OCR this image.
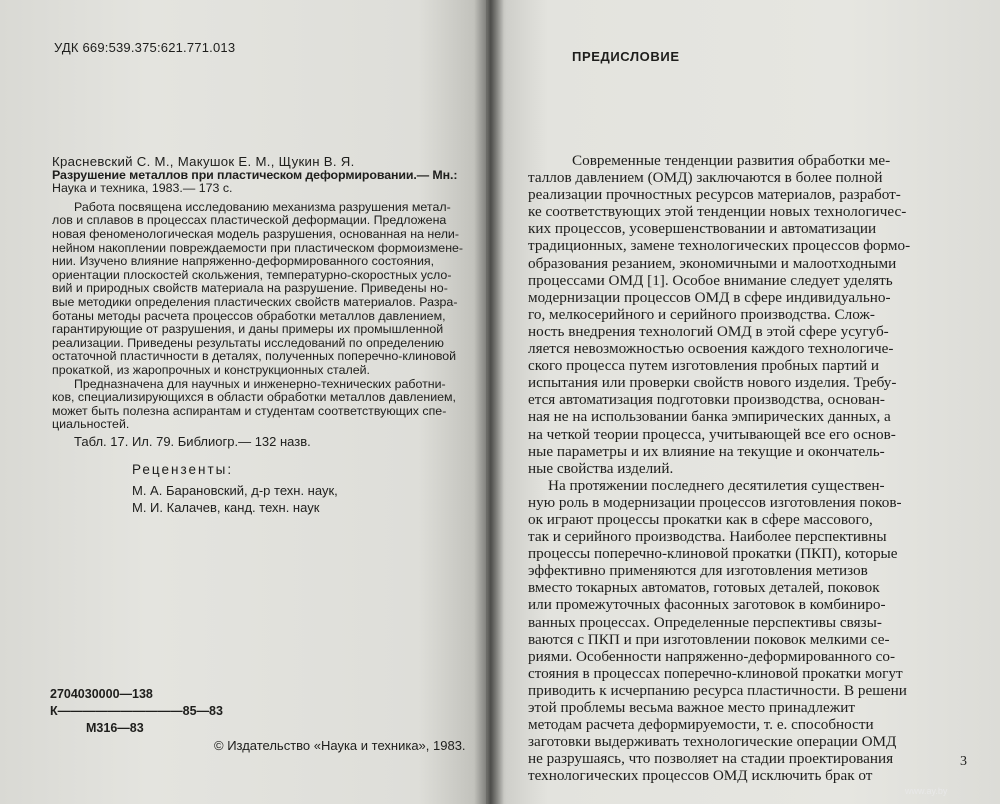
УДК 669:539.375:621.771.013
Красневский С. М., Макушок Е. М., Щукин В. Я.
Разрушение металлов при пластическом деформировании.— Мн.:
Наука и техника, 1983.— 173 с.
Работа посвящена исследованию механизма разрушения метал-
лов и сплавов в процессах пластической деформации. Предложена
новая феноменологическая модель разрушения, основанная на нели-
нейном накоплении повреждаемости при пластическом формоизмене-
нии. Изучено влияние напряженно-деформированного состояния,
ориентации плоскостей скольжения, температурно-скоростных усло-
вий и природных свойств материала на разрушение. Приведены но-
вые методики определения пластических свойств материалов. Разра-
ботаны методы расчета процессов обработки металлов давлением,
гарантирующие от разрушения, и даны примеры их промышленной
реализации. Приведены результаты исследований по определению
остаточной пластичности в деталях, полученных поперечно-клиновой
прокаткой, из жаропрочных и конструкционных сталей.
Предназначена для научных и инженерно-технических работни-
ков, специализирующихся в области обработки металлов давлением,
может быть полезна аспирантам и студентам соответствующих спе-
циальностей.
Табл. 17. Ил. 79. Библиогр.— 132 назв.
Рецензенты:
М. А. Барановский, д-р техн. наук,
М. И. Калачев, канд. техн. наук
2704030000—138
К——————————85—83
М316—83
© Издательство «Наука и техника», 1983.
ПРЕДИСЛОВИЕ
Современные тенденции развития обработки ме-
таллов давлением (ОМД) заключаются в более полной
реализации прочностных ресурсов материалов, разработ-
ке соответствующих этой тенденции новых технологичес-
ких процессов, усовершенствовании и автоматизации
традиционных, замене технологических процессов формо-
образования резанием, экономичными и малоотходными
процессами ОМД [1]. Особое внимание следует уделять
модернизации процессов ОМД в сфере индивидуально-
го, мелкосерийного и серийного производства. Слож-
ность внедрения технологий ОМД в этой сфере усугуб-
ляется невозможностью освоения каждого технологиче-
ского процесса путем изготовления пробных партий и
испытания или проверки свойств нового изделия. Требу-
ется автоматизация подготовки производства, основан-
ная не на использовании банка эмпирических данных, а
на четкой теории процесса, учитывающей все его основ-
ные параметры и их влияние на текущие и окончатель-
ные свойства изделий.
На протяжении последнего десятилетия существен-
ную роль в модернизации процессов изготовления поков-
ок играют процессы прокатки как в сфере массового,
так и серийного производства. Наиболее перспективны
процессы поперечно-клиновой прокатки (ПКП), которые
эффективно применяются для изготовления метизов
вместо токарных автоматов, готовых деталей, поковок
или промежуточных фасонных заготовок в комбиниро-
ванных процессах. Определенные перспективы связы-
ваются с ПКП и при изготовлении поковок мелкими се-
риями. Особенности напряженно-деформированного со-
стояния в процессах поперечно-клиновой прокатки могут
приводить к исчерпанию ресурса пластичности. В решени
этой проблемы весьма важное место принадлежит
методам расчета деформируемости, т. е. способности
заготовки выдерживать технологические операции ОМД
не разрушаясь, что позволяет на стадии проектирования
технологических процессов ОМД исключить брак от
3
www.ay.by
